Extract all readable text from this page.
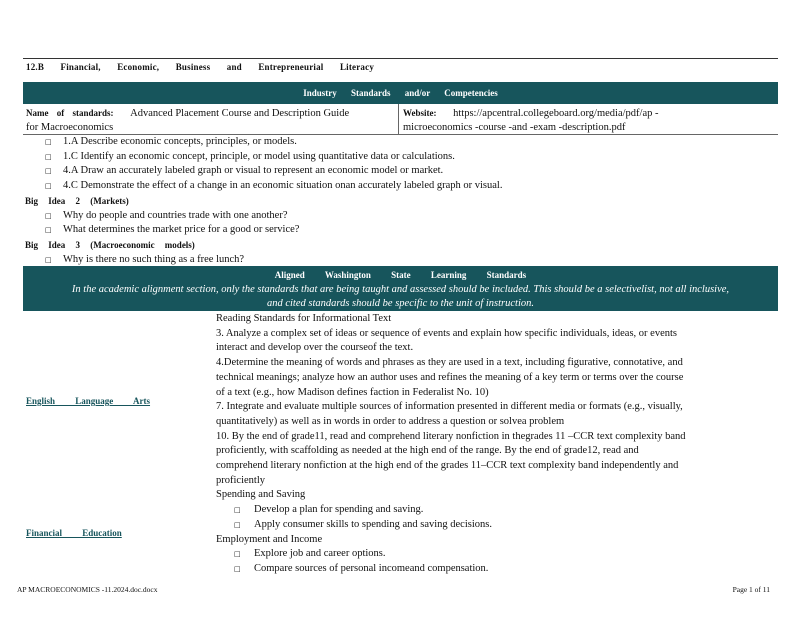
12.B Financial, Economic, Business and Entrepreneurial Literacy
Industry Standards and/or Competencies
Name of standards: Advanced Placement Course and Description Guide
for Macroeconomics
Website: https://apcentral.collegeboard.org/media/pdf/ap -
microeconomics -course -and -exam -description.pdf
□ 1.A Describe economic concepts, principles, or models.
□ 1.C Identify an economic concept, principle, or model using quantitative data or calculations.
□ 4.A Draw an accurately labeled graph or visual to represent an economic model or market.
□ 4.C Demonstrate the effect of a change in an economic situation onan accurately labeled graph or visual.
Big Idea 2 (Markets)
□ Why do people and countries trade with one another?
□ What determines the market price for a good or service?
Big Idea 3 (Macroeconomic models)
□ Why is there no such thing as a free lunch?
Aligned Washington State Learning Standards
In the academic alignment section, only the standards that are being taught and assessed should be included. This should be a selectivelist, not all inclusive,
and cited standards should be specific to the unit of instruction.
English Language Arts
Financial Education

Reading Standards for Informational Text

3. Analyze a complex set of ideas or sequence of events and explain how specific individuals, ideas, or events

interact and develop over the courseof the text.

4.Determine the meaning of words and phrases as they are used in a text, including figurative, connotative, and

technical meanings; analyze how an author uses and refines the meaning of a key term or terms over the course

of a text (e.g., how Madison defines faction in Federalist No. 10)

7. Integrate and evaluate multiple sources of information presented in different media or formats (e.g., visually,

quantitatively) as well as in words in order to address a question or solvea problem

10. By the end of grade11, read and comprehend literary nonfiction in thegrades 11 –CCR text complexity band

proficiently, with scaffolding as needed at the high end of the range. By the end of grade12, read and

comprehend literary nonfiction at the high end of the grades 11–CCR text complexity band independently and

proficiently

Spending and Saving

□ Develop a plan for spending and saving.

□ Apply consumer skills to spending and saving decisions.

Employment and Income

□ Explore job and career options.

□ Compare sources of personal incomeand compensation.

AP MACROECONOMICS -11.2024.doc.docx	Page 1 of 11
